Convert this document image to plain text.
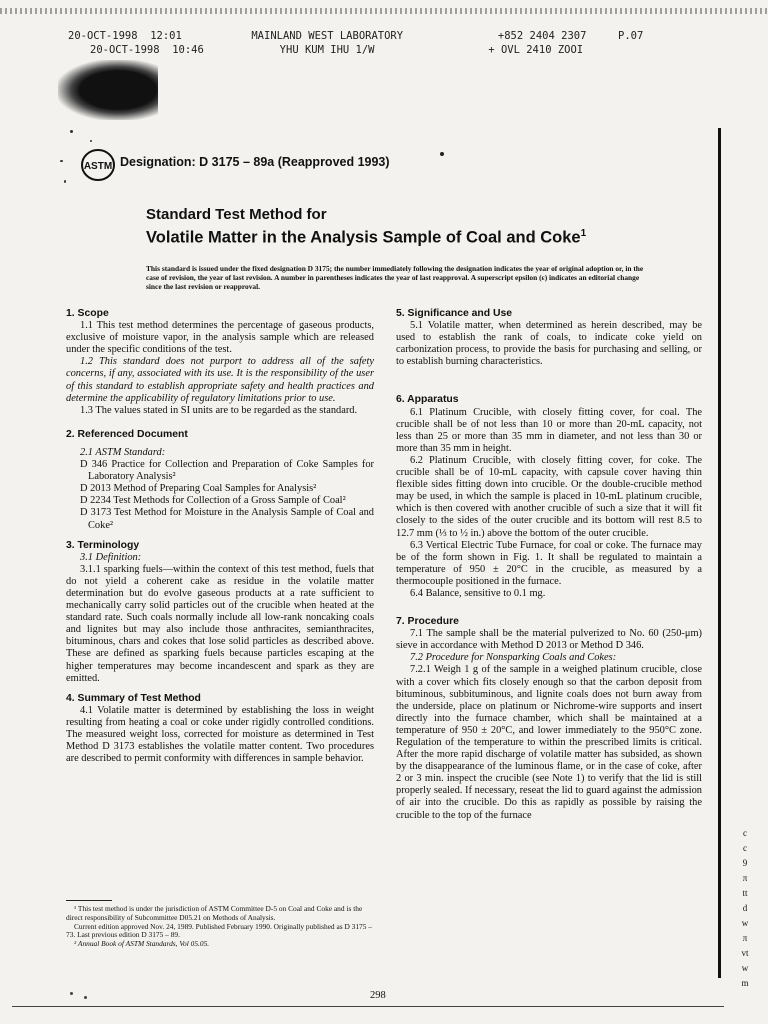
20-OCT-1998 12:01	MAINLAND WEST LABORATORY	+852 2404 2307	P.07
20-OCT-1998 10:46	YHU KUM IHU 1/W	+ OVL 2410 ZOOI
ASTM Designation: D 3175 – 89a (Reapproved 1993)
Standard Test Method for
Volatile Matter in the Analysis Sample of Coal and Coke$^1$
This standard is issued under the fixed designation D 3175; the number immediately following the designation indicates the year of original adoption or, in the case of revision, the year of last revision. A number in parentheses indicates the year of last reapproval. A superscript epsilon (ε) indicates an editorial change since the last revision or reapproval.
1. Scope

1.1 This test method determines the percentage of gaseous products, exclusive of moisture vapor, in the analysis sample which are released under the specific conditions of the test.

1.2 This standard does not purport to address all of the safety concerns, if any, associated with its use. It is the responsibility of the user of this standard to establish appropriate safety and health practices and determine the applicability of regulatory limitations prior to use.

1.3 The values stated in SI units are to be regarded as the standard.

2. Referenced Document

2.1 ASTM Standard:

D 346 Practice for Collection and Preparation of Coke Samples for Laboratory Analysis²

D 2013 Method of Preparing Coal Samples for Analysis²

D 2234 Test Methods for Collection of a Gross Sample of Coal²

D 3173 Test Method for Moisture in the Analysis Sample of Coal and Coke²

3. Terminology

3.1 Definition:

3.1.1 sparking fuels—within the context of this test method, fuels that do not yield a coherent cake as residue in the volatile matter determination but do evolve gaseous products at a rate sufficient to mechanically carry solid particles out of the crucible when heated at the standard rate. Such coals normally include all low-rank noncaking coals and lignites but may also include those anthracites, semianthracites, bituminous, chars and cokes that lose solid particles as described above. These are defined as sparking fuels because particles escaping at the higher temperatures may become incandescent and spark as they are emitted.

4. Summary of Test Method

4.1 Volatile matter is determined by establishing the loss in weight resulting from heating a coal or coke under rigidly controlled conditions. The measured weight loss, corrected for moisture as determined in Test Method D 3173 establishes the volatile matter content. Two procedures are described to permit conformity with differences in sample behavior.

¹ This test method is under the jurisdiction of ASTM Committee D-5 on Coal and Coke and is the direct responsibility of Subcommittee D05.21 on Methods of Analysis.

Current edition approved Nov. 24, 1989. Published February 1990. Originally published as D 3175 – 73. Last previous edition D 3175 – 89.

² Annual Book of ASTM Standards, Vol 05.05.

5. Significance and Use

5.1 Volatile matter, when determined as herein described, may be used to establish the rank of coals, to indicate coke yield on carbonization process, to provide the basis for purchasing and selling, or to establish burning characteristics.

6. Apparatus

6.1 Platinum Crucible, with closely fitting cover, for coal. The crucible shall be of not less than 10 or more than 20-mL capacity, not less than 25 or more than 35 mm in diameter, and not less than 30 or more than 35 mm in height.

6.2 Platinum Crucible, with closely fitting cover, for coke. The crucible shall be of 10-mL capacity, with capsule cover having thin flexible sides fitting down into crucible. Or the double-crucible method may be used, in which the sample is placed in 10-mL platinum crucible, which is then covered with another crucible of such a size that it will fit closely to the sides of the outer crucible and its bottom will rest 8.5 to 12.7 mm (⅓ to ½ in.) above the bottom of the outer crucible.

6.3 Vertical Electric Tube Furnace, for coal or coke. The furnace may be of the form shown in Fig. 1. It shall be regulated to maintain a temperature of 950 ± 20°C in the crucible, as measured by a thermocouple positioned in the furnace.

6.4 Balance, sensitive to 0.1 mg.

7. Procedure

7.1 The sample shall be the material pulverized to No. 60 (250-μm) sieve in accordance with Method D 2013 or Method D 346.

7.2 Procedure for Nonsparking Coals and Cokes:

7.2.1 Weigh 1 g of the sample in a weighed platinum crucible, close with a cover which fits closely enough so that the carbon deposit from bituminous, subbituminous, and lignite coals does not burn away from the underside, place on platinum or Nichrome-wire supports and insert directly into the furnace chamber, which shall be maintained at a temperature of 950 ± 20°C, and lower immediately to the 950°C zone. Regulation of the temperature to within the prescribed limits is critical. After the more rapid discharge of volatile matter has subsided, as shown by the disappearance of the luminous flame, or in the case of coke, after 2 or 3 min. inspect the crucible (see Note 1) to verify that the lid is still properly sealed. If necessary, reseat the lid to guard against the admission of air into the crucible. Do this as rapidly as possible by raising the crucible to the top of the furnace

c
c
9
π
tt
d
w
π
vt
w
m
298
